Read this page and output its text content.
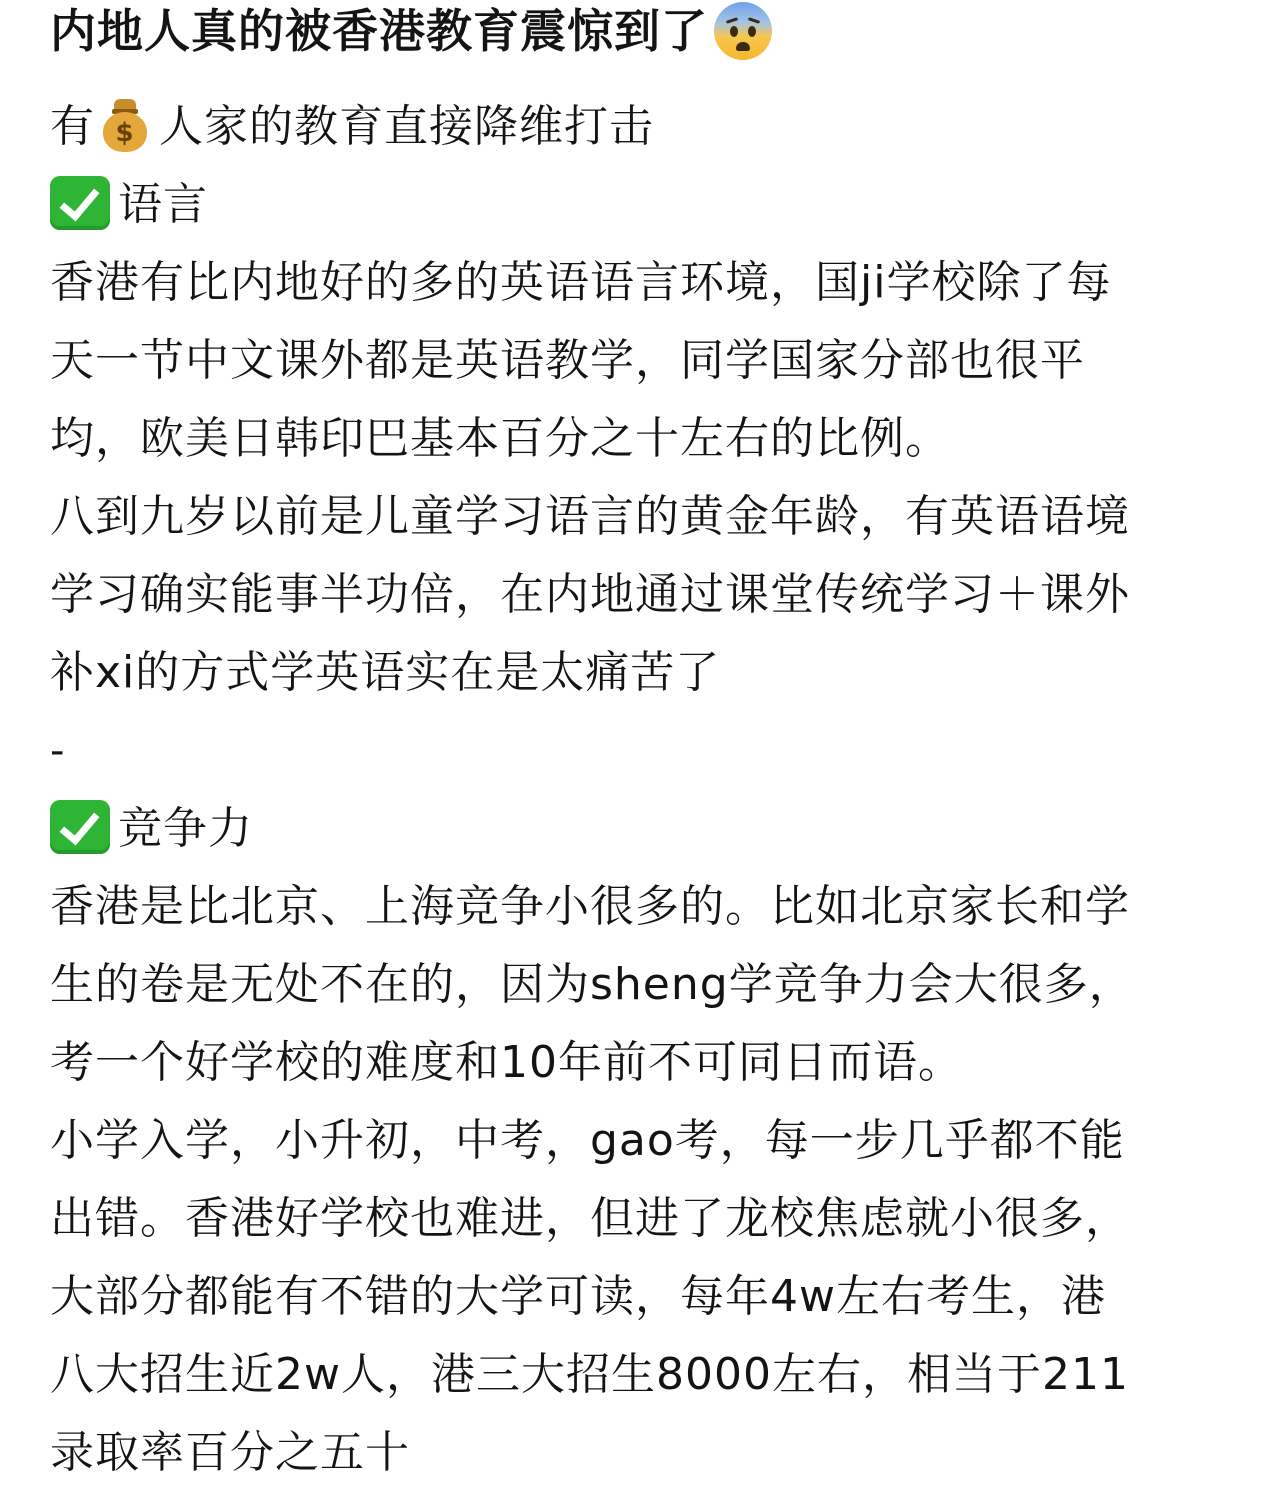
内地人真的被香港教育震惊到了
有 $ 人家的教育直接降维打击
语言
香港有比内地好的多的英语语言环境，国ji学校除了每
天一节中文课外都是英语教学，同学国家分部也很平
均，欧美日韩印巴基本百分之十左右的比例。
八到九岁以前是儿童学习语言的黄金年龄，有英语语境
学习确实能事半功倍，在内地通过课堂传统学习＋课外
补xi的方式学英语实在是太痛苦了
-
竞争力
香港是比北京、上海竞争小很多的。比如北京家长和学
生的卷是无处不在的，因为sheng学竞争力会大很多，
考一个好学校的难度和10年前不可同日而语。
小学入学，小升初，中考，gao考，每一步几乎都不能
出错。香港好学校也难进，但进了龙校焦虑就小很多，
大部分都能有不错的大学可读，每年4w左右考生，港
八大招生近2w人，港三大招生8000左右，相当于211
录取率百分之五十
